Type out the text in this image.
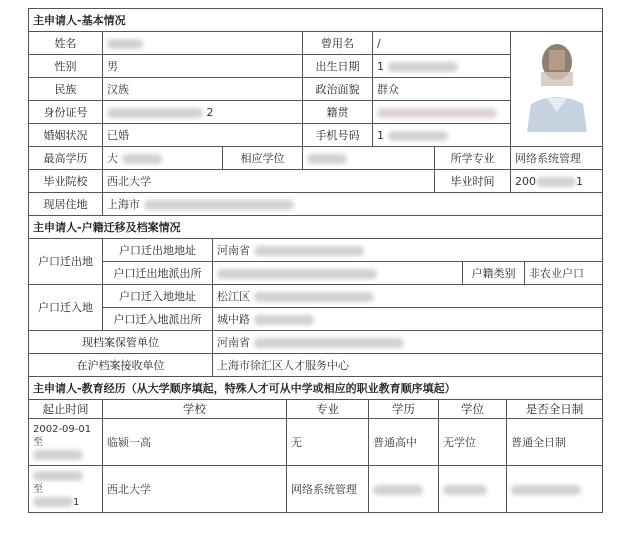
主申请人-基本情况						
姓名			曾用名	/	

性别	男		出生日期	1		
民族	汉族		政治面貌	群众		
身份证号	2		籍贯			
婚姻状况	已婚		手机号码	1		
最高学历	大	相应学位			所学专业	网络系统管理
毕业院校	西北大学				毕业时间	200 1
现居住地	上海市					
主申请人-户籍迁移及档案情况				
户口迁出地	户口迁出地地址	河南省		
	户口迁出地派出所		户籍类别	非农业户口
户口迁入地	户口迁入地地址	松江区		
	户口迁入地派出所	城中路		
现档案保管单位		河南省		
在沪档案接收单位		上海市徐汇区人才服务中心		
主申请人-教育经历（从大学顺序填起，特殊人才可从中学或相应的职业教育顺序填起）					
起止时间	学校	专业	学历	学位	是否全日制
2002-09-01
至	临颍一高	无	普通高中	无学位	普通全日制

至
1	西北大学	网络系统管理			
